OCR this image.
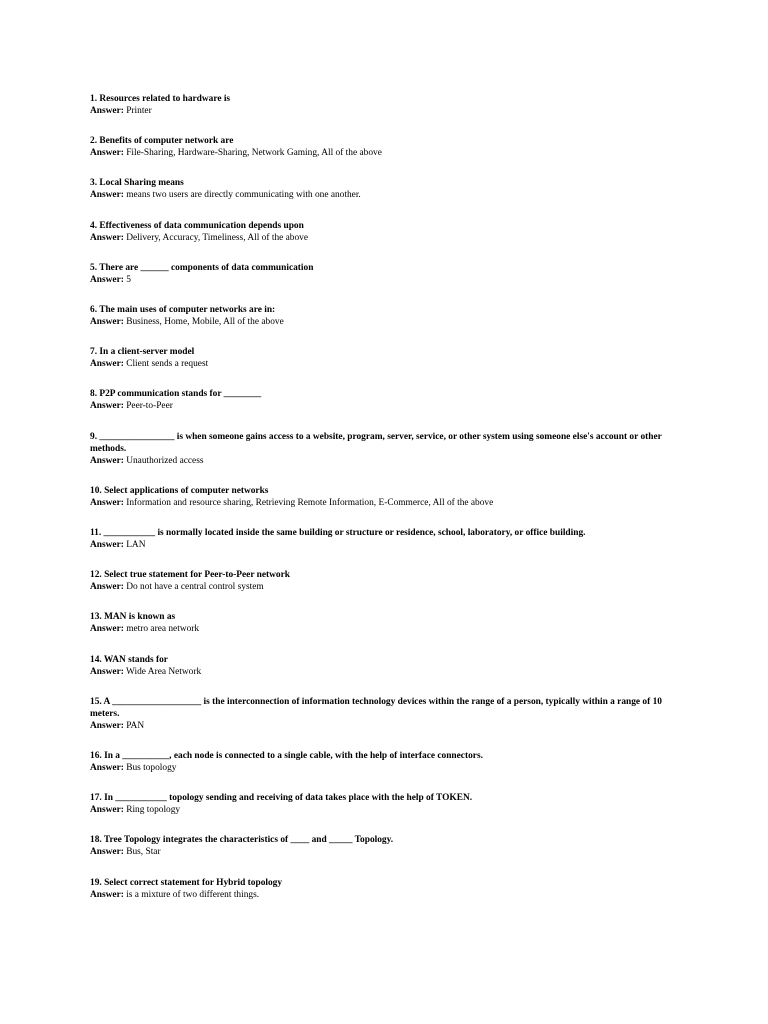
1. Resources related to hardware is
Answer: Printer
2. Benefits of computer network are
Answer: File-Sharing, Hardware-Sharing, Network Gaming, All of the above
3. Local Sharing means
Answer: means two users are directly communicating with one another.
4. Effectiveness of data communication depends upon
Answer: Delivery, Accuracy, Timeliness, All of the above
5. There are ______ components of data communication
Answer: 5
6. The main uses of computer networks are in:
Answer: Business, Home, Mobile, All of the above
7. In a client-server model
Answer: Client sends a request
8. P2P communication stands for ________
Answer: Peer-to-Peer
9. ________________ is when someone gains access to a website, program, server, service, or other system using someone else's account or other methods.
Answer: Unauthorized access
10. Select applications of computer networks
Answer: Information and resource sharing, Retrieving Remote Information, E-Commerce, All of the above
11. ___________ is normally located inside the same building or structure or residence, school, laboratory, or office building.
Answer: LAN
12. Select true statement for Peer-to-Peer network
Answer: Do not have a central control system
13. MAN is known as
Answer: metro area network
14. WAN stands for
Answer: Wide Area Network
15. A ___________________ is the interconnection of information technology devices within the range of a person, typically within a range of 10 meters.
Answer: PAN
16. In a __________, each node is connected to a single cable, with the help of interface connectors.
Answer: Bus topology
17. In ___________ topology sending and receiving of data takes place with the help of TOKEN.
Answer: Ring topology
18. Tree Topology integrates the characteristics of ____ and _____ Topology.
Answer: Bus, Star
19. Select correct statement for Hybrid topology
Answer: is a mixture of two different things.
